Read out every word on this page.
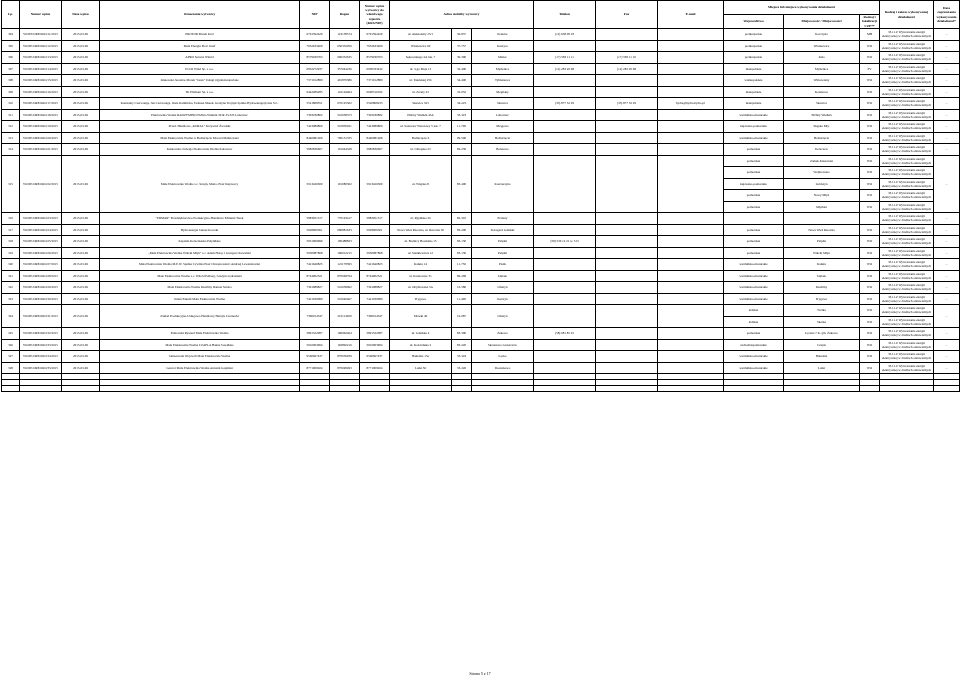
Lp.	Numer wpisu	Data wpisu	Oznaczenie wytwórcy	NIP	Regon	Numer wpisu wytwórcy do właściwego rejestru (KRS/NIP)	Adres siedziby wytwórcy			Telefon	Fax	E-mail	Miejsce lub miejsca wykonywania działalności			Rodzaj i zakres wykonywanej działalności	Data zaprzestania wykonywania działalności*
													Województwo	Miejscowość / Miejscowości	Rodzaj i lokalizacji CZE**		
304	WOZE/OREOOO/11/2015	2015-03-06	PROTOR Marek Król	6791592429	123138574	6791592429	ul. Aleksandry 25/1	30-837	Kraków	(12) 658 09 18			podkarpackie	Korczyna	MH	33.11.Z Wytwarzanie energii elektrycznej w źródłach odnawialnych	–
305	WOZE/OREOOO/12/2015	2015-03-06	Mała Energia Piotr Józef	7952633409	650332056	7952633409	Wiszkowice 60	37-757	Kaszyce				podkarpackie	Wiszkowice	WO	33.11.Z Wytwarzanie energii elektrycznej w źródłach odnawialnych	–
306	WOZE/OREOOO/13/2015	2015-03-06	APRO Serwus Witold	8579030763	690232635	8579030763	Sękowskiego 2A lok. 7	39-300	Mielec	(17) 583 11 11	(17) 583 11 10		podkarpackie	Jasło	WO	33.11.Z Wytwarzanie energii elektrycznej w źródłach odnawialnych	–
307	WOZE/OREOOO/14/2015	2015-03-06	ECO2 Wind Sp. z o.o.	6852272937	357044236	0000333432	ul. 3-go Maja 13	32-400	Myślenice	(12) 283 20 68	(12) 283 20 68		małopolskie	Myślenice	PV	33.11.Z Wytwarzanie energii elektrycznej w źródłach odnawialnych	–
308	WOZE/OREOOO/15/2015	2015-03-06	Jankowski Jarosław Marek "Jarek" Usługi Ogólnobudowlane	7371012880	491870386	7371012880	ul. Tatulskiej 25b	34-400	Tylmanowa				wielkopolskie	Witkowiany	WO	33.11.Z Wytwarzanie energii elektrycznej w źródłach odnawialnych	–
309	WOZE/OREOOO/16/2015	2015-03-06	TK Elżmont Sp. z o.o.	9442286285	122164464	0000516192	ul. Zrzuty 23	32-052	Mogilany				małopolskie	Kolanowo	WO	33.11.Z Wytwarzanie energii elektrycznej w źródłach odnawialnych	–
310	WOZE/OREOOO/17/2015	2015-03-06	Konstanty Czerwonga, Jan Czerwonga, Ilona Kamilicka, Tadeusz Marek, Grażyna Trojnyk Spółka Hydroenergetyczna S.C.	5521808351	070125302	5520808235	Skawica 323	34-223	Skawica	(33) 877 32 29	(33) 877 32 29	hydra@hydra.hydro.pl	małopolskie	Skawica	WO	33.11.Z Wytwarzanie energii elektrycznej w źródłach odnawialnych	–
311	WOZE/OREOOO/18/2015	2015-03-06	Elektrownia Wodna RADZYMINO Elżbita Wiełkin 39 & 33-323 Lubowiec	7393180802	510038373	7393180802	Elżbity Wiełkin 45A	33-323	Lubowiec				warmińsko-mazurskie	Elżbity Wiełkin	WO	33.11.Z Wytwarzanie energii elektrycznej w źródłach odnawialnych	–
312	WOZE/OREOOO/19/2015	2015-03-06	Przed. Handlowe „KORAL" Krzysztof Źwadzki	7423089860	510830021	7423089860	ul. Sołaczew Warszawy 5 lok. 7	11-700	Mrągowo				kujawsko-pomorskie	Skępko Mły.	WO	33.11.Z Wytwarzanie energii elektrycznej w źródłach odnawialnych	–
313	WOZE/OREOOO/20/2015	2015-03-06	Mała Elektrownia Wodna w Bożnicięcie Edward Malinowski	8440081269	790131765	8440081268	Bożnicięcie 6	09-500	Bożnicięcie				warmińsko-mazurskie	Bożnicięcie	WO	33.11.Z Wytwarzanie energii elektrycznej w źródłach odnawialnych	–
314	WOZE/OREOOO/21/2015	2015-03-06	Kurkowska Jadwiga Elektrownia Wodna Kolaczew	5882836667	191644328	5882836667	ul. Chłopska 23	84-239	Bolszewo				pomorskie	Kolaczew	WO	33.11.Z Wytwarzanie energii elektrycznej w źródłach odnawialnych	–
315	WOZE/OREOOO/22/2015	2015-03-06	Małe Elektrownie Wodne s.c. Szrejn, Maria, Piotr Kujawscy	5913426309	191080302	5913426309	ul. Wiejska 8	83-400	Kościerzyna				pomorskie	Zamek Kiszewski	WO	33.11.Z Wytwarzanie energii elektrycznej w źródłach odnawialnych	–
													pomorskie	Wojtkowano	WO	33.11.Z Wytwarzanie energii elektrycznej w źródłach odnawialnych	
													kujawsko-pomorskie	Lubiszyn	WO	33.11.Z Wytwarzanie energii elektrycznej w źródłach odnawialnych	
													pomorskie	Nowy Młyn	WO	33.11.Z Wytwarzanie energii elektrycznej w źródłach odnawialnych	
													pomorskie	Młyński	WO	33.11.Z Wytwarzanie energii elektrycznej w źródłach odnawialnych	
316	WOZE/OREOOO/23/2015	2015-03-06	"EDMAR" Przedsiębiorstwo Produkcyjno-Handlowe Edmund Tarek	5883051317	770193417	5883051317	ul. Rypińska 34	82-316	Prabuty							33.11.Z Wytwarzanie energii elektrycznej w źródłach odnawialnych	–
317	WOZE/OREOOO/24/2015	2015-03-06	Hydroenergia Janusz Kowski	5928009361	080881633	5928009361	Nowa Wieś Rzeczna, ul. Rzeczna 30	83-200	Starogard Gdański				pomorskie	Nowa Wieś Rzeczna	WO	33.11.Z Wytwarzanie energii elektrycznej w źródłach odnawialnych	–
318	WOZE/OREOOO/25/2015	2015-03-06	Kapitała Kolaczkaska Pelplińska	5931009699	190488823		ul. Bożnicy Hoedolka 15	83-130	Pelplin	(58) 536 12 21 w. 313			pomorskie	Pelplin	WO	33.11.Z Wytwarzanie energii elektrycznej w źródłach odnawialnych	–
319	WOZE/OREOOO/26/2015	2015-03-06	„Mała Elektrownia Wodna Wikcki Młyn" s.c. Adam Horąc i Grzegorz Kowalski	5930087868	190012215	5930087868	ul. Sienkiewicza 12	83-130	Pelplin				pomorskie	Wikcki Młyn	WO	33.11.Z Wytwarzanie energii elektrycznej w źródłach odnawialnych	–
320	WOZE/OREOOO/27/2015	2015-03-06	Mała Elektrownia Wodna M.E.W. Spółka Cywilna Piotr Chrząstowski i Andrzej Lewandowski	7421640825	121178393	7421640825	Kałuże 14	11-730	Pasłk				warmińsko-mazurskie	Kałuże	WO	33.11.Z Wytwarzanie energii elektrycznej w źródłach odnawialnych	–
321	WOZE/OREOOO/28/2015	2015-03-06	Małe Elektrownie Wodne s.c. Witold Pełberg, Grażyna Jędrzeński	8744002521	870048794	8744002521	ul. Kresłowiec 31	86-299	Idąbek				warmińsko-mazurskie	Idąbek	WO	33.11.Z Wytwarzanie energii elektrycznej w źródłach odnawialnych	–
322	WOZE/OREOOO/29/2015	2015-03-06	Mała Elektrownia Wodna Kiedliny Danuta Sztoba	7391088827	510038062	7391088827	ul. Obydłowska 5A	10-580	Olsztyn				warmińsko-mazurskie	Kiedliny	WO	33.11.Z Wytwarzanie energii elektrycznej w źródłach odnawialnych	–
323	WOZE/OREOOO/30/2015	2015-03-06	Julian Pakulit Mała Elektrownia Wodna	7421030080	510040467	7421030080	Prygowo	11-400	Kętrzyn				warmińsko-mazurskie	Prygowo	WO	33.11.Z Wytwarzanie energii elektrycznej w źródłach odnawialnych	–
324	WOZE/OREOOO/31/2015	2015-03-06	Zakład Produkcyjno-Usługowo-Handlowy Henryk Czarnecki	7390014347	210114659	7390014347	Mrozki 40	10-687	Olsztyn				łódzkie	Wólka	WO	33.11.Z Wytwarzanie energii elektrycznej w źródłach odnawialnych	–
													łódzkie	Skórka	WO	33.11.Z Wytwarzanie energii elektrycznej w źródłach odnawialnych	
325	WOZE/OREOOO/32/2015	2015-03-06	Pantowski Ryszard Mała Elektrownia Wodna	5891522087	190962464	5891522087	ul. Gdańska 4	83-300	Żukowo	(58) 681 85 25			pomorskie	Łęczna 7 K. gm. Żukowo	WO	33.11.Z Wytwarzanie energii elektrycznej w źródłach odnawialnych	–
326	WOZE/OREOOO/33/2015	2015-03-06	Mała Elektrownia Wodna CZAPLA Hanna Sowińska	5910003904	192892216	5910003904	ul. Kościańska 2	83-220	Skarszewo Gruszczów				zachodniopomorskie	Czapla	WO	33.11.Z Wytwarzanie energii elektrycznej w źródłach odnawialnych	–
327	WOZE/OREOOO/34/2015	2015-03-06	Janiszewski Wojciech Mała Elektrownia Wodna	9560667437	870059939	9560667437	Bałudzie 15a	33-324	Łącko				warmińsko-mazurskie	Bałudzie	WO	33.11.Z Wytwarzanie energii elektrycznej w źródłach odnawialnych	–
328	WOZE/OREOOO/35/2015	2015-03-06	Gawrot Mała Elektrownia Wodna Antonin Gapiński	8771009024	870048493	8771009024	Lutki 36	33-226	Dostotkowo				warmińsko-mazurskie	Lutki	WO	33.11.Z Wytwarzanie energii elektrycznej w źródłach odnawialnych	–

Strona 5 z 17
